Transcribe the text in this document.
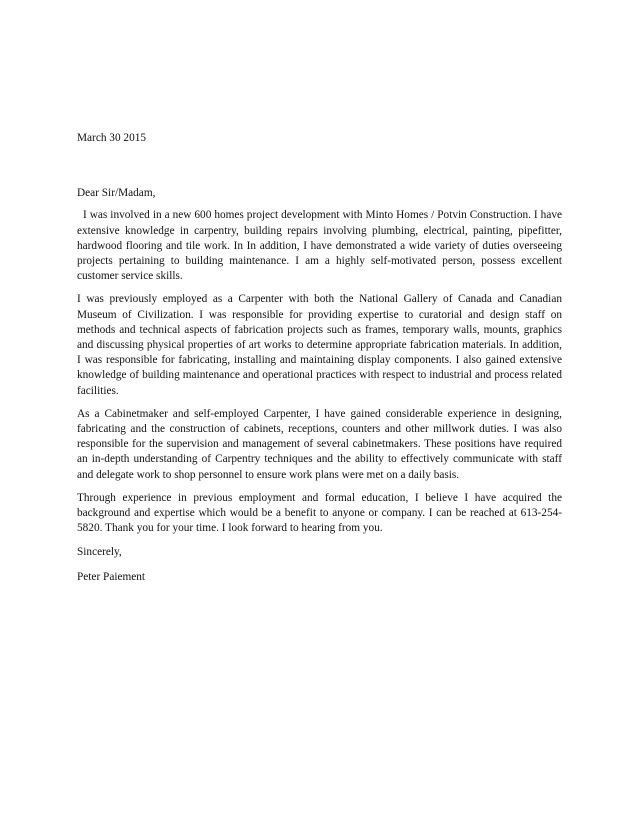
March 30 2015

Dear Sir/Madam,

I was involved in a new 600 homes project development with Minto Homes / Potvin Construction. I have extensive knowledge in carpentry, building repairs involving plumbing, electrical, painting, pipefitter, hardwood flooring and tile work. In In addition, I have demonstrated a wide variety of duties overseeing projects pertaining to building maintenance. I am a highly self-motivated person, possess excellent customer service skills.

I was previously employed as a Carpenter with both the National Gallery of Canada and Canadian Museum of Civilization. I was responsible for providing expertise to curatorial and design staff on methods and technical aspects of fabrication projects such as frames, temporary walls, mounts, graphics and discussing physical properties of art works to determine appropriate fabrication materials. In addition, I was responsible for fabricating, installing and maintaining display components. I also gained extensive knowledge of building maintenance and operational practices with respect to industrial and process related facilities.

As a Cabinetmaker and self-employed Carpenter, I have gained considerable experience in designing, fabricating and the construction of cabinets, receptions, counters and other millwork duties. I was also responsible for the supervision and management of several cabinetmakers. These positions have required an in-depth understanding of Carpentry techniques and the ability to effectively communicate with staff and delegate work to shop personnel to ensure work plans were met on a daily basis.

Through experience in previous employment and formal education, I believe I have acquired the background and expertise which would be a benefit to anyone or company. I can be reached at 613-254-5820. Thank you for your time. I look forward to hearing from you.

Sincerely,

Peter Paiement
